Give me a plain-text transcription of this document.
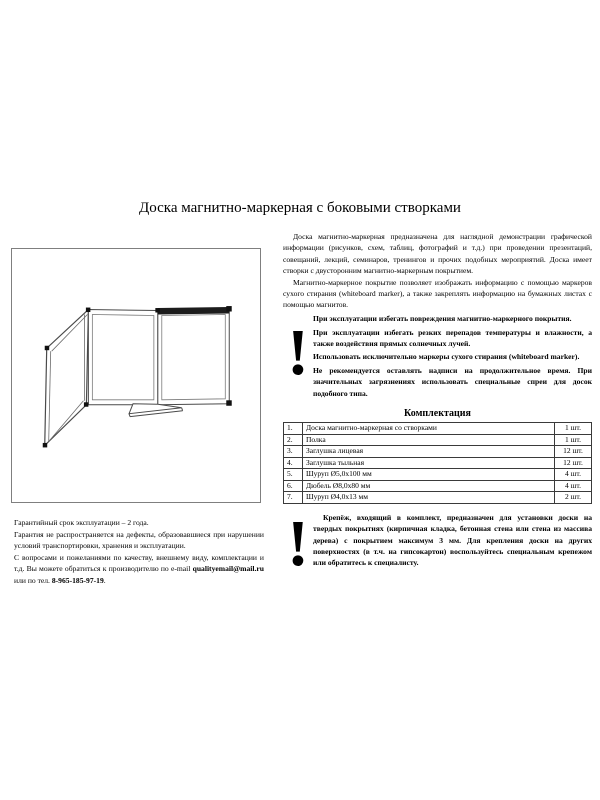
Доска магнитно-маркерная с боковыми створками

Доска магнитно-маркерная предназначена для наглядной демонстрации графической информации (рисунков, схем, таблиц, фотографий и т.д.) при проведении презентаций, совещаний, лекций, семинаров, тренингов и прочих подобных мероприятий. Доска имеет створки с двусторонним магнитно-маркерным покрытием.

Магнитно-маркерное покрытие позволяет изображать информацию с помощью маркеров сухого стирания (whiteboard marker), а также закреплять информацию на бумажных листах с помощью магнитов.

! При эксплуатации избегать повреждения магнитно-маркерного покрытия.

При эксплуатации избегать резких перепадов температуры и влажности, а также воздействия прямых солнечных лучей.

Использовать исключительно маркеры сухого стирания (whiteboard marker).

Не рекомендуется оставлять надписи на продолжительное время. При значительных загрязнениях использовать специальные спреи для досок подобного типа.

Комплектация
1.	Доска магнитно-маркерная со створками	1 шт.
2.	Полка	1 шт.
3.	Заглушка лицевая	12 шт.
4.	Заглушка тыльная	12 шт.
5.	Шуруп Ø5,0x100 мм	4 шт.
6.	Дюбель Ø8,0x80 мм	4 шт.
7.	Шуруп Ø4,0x13 мм	2 шт.
!	Крепёж, входящий в комплект, предназначен для установки доски на твердых покрытиях (кирпичная кладка, бетонная стена или стена из массива дерева) с покрытием максимум 3 мм. Для крепления доски на других поверхностях (в т.ч. на гипсокартон) воспользуйтесь специальным крепежом или обратитесь к специалисту.

Гарантийный срок эксплуатации – 2 года.

Гарантия не распространяется на дефекты, образовавшиеся при нарушении условий транспортировки, хранения и эксплуатации.

С вопросами и пожеланиями по качеству, внешнему виду, комплектации и т.д. Вы можете обратиться к производителю по e-mail qualityemail@mail.ru или по тел. 8-965-185-97-19.
